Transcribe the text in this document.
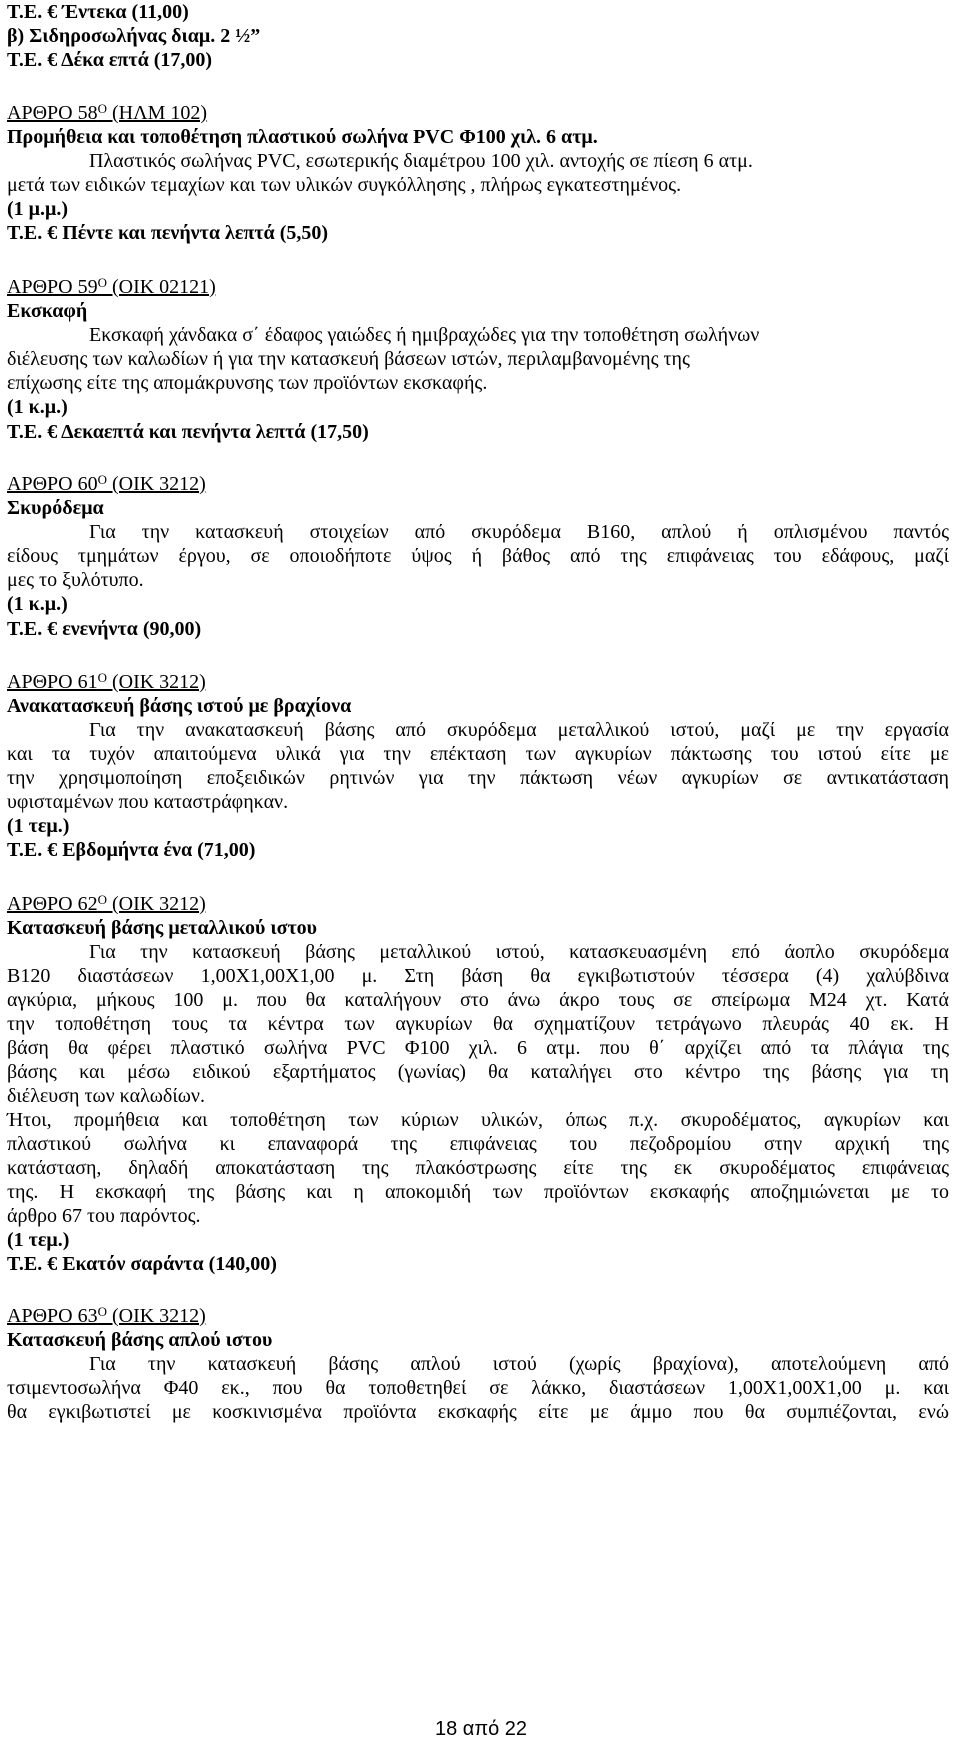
Τ.Ε. € Έντεκα (11,00)
β) Σιδηροσωλήνας διαμ. 2 ½”
Τ.Ε. € Δέκα επτά (17,00)
ΑΡΘΡΟ $58^O$ (ΗΛΜ 102)
Προμήθεια και τοποθέτηση πλαστικού σωλήνα PVC Φ100 χιλ. 6 ατμ.
Πλαστικός σωλήνας PVC, εσωτερικής διαμέτρου 100 χιλ. αντοχής σε πίεση 6 ατμ.
μετά των ειδικών τεμαχίων και των υλικών συγκόλλησης , πλήρως εγκατεστημένος.
(1 μ.μ.)
Τ.Ε. € Πέντε και πενήντα λεπτά (5,50)
ΑΡΘΡΟ $59^O$ (ΟΙΚ 02121)
Εκσκαφή
Εκσκαφή χάνδακα σ΄ έδαφος γαιώδες ή ημιβραχώδες για την τοποθέτηση σωλήνων
διέλευσης των καλωδίων ή για την κατασκευή βάσεων ιστών, περιλαμβανομένης της
επίχωσης είτε της απομάκρυνσης των προϊόντων εκσκαφής.
(1 κ.μ.)
Τ.Ε. € Δεκαεπτά και πενήντα λεπτά (17,50)
ΑΡΘΡΟ $60^O$ (ΟΙΚ 3212)
Σκυρόδεμα
Για την κατασκευή στοιχείων από σκυρόδεμα Β160, απλού ή οπλισμένου παντός
είδους τμημάτων έργου, σε οποιοδήποτε ύψος ή βάθος από της επιφάνειας του εδάφους, μαζί
μες το ξυλότυπο.
(1 κ.μ.)
Τ.Ε. € ενενήντα (90,00)
ΑΡΘΡΟ $61^O$ (ΟΙΚ 3212)
Ανακατασκευή βάσης ιστού με βραχίονα
Για την ανακατασκευή βάσης από σκυρόδεμα μεταλλικού ιστού, μαζί με την εργασία
και τα τυχόν απαιτούμενα υλικά για την επέκταση των αγκυρίων πάκτωσης του ιστού είτε με
την χρησιμοποίηση εποξειδικών ρητινών για την πάκτωση νέων αγκυρίων σε αντικατάσταση
υφισταμένων που καταστράφηκαν.
(1 τεμ.)
Τ.Ε. € Εβδομήντα ένα (71,00)
ΑΡΘΡΟ $62^O$ (ΟΙΚ 3212)
Κατασκευή βάσης μεταλλικού ιστου
Για την κατασκευή βάσης μεταλλικού ιστού, κατασκευασμένη επό άοπλο σκυρόδεμα
Β120 διαστάσεων 1,00Χ1,00Χ1,00 μ. Στη βάση θα εγκιβωτιστούν τέσσερα (4) χαλύβδινα
αγκύρια, μήκους 100 μ. που θα καταλήγουν στο άνω άκρο τους σε σπείρωμα Μ24 χτ. Κατά
την τοποθέτηση τους τα κέντρα των αγκυρίων θα σχηματίζουν τετράγωνο πλευράς 40 εκ. Η
βάση θα φέρει πλαστικό σωλήνα PVC Φ100 χιλ. 6 ατμ. που θ΄ αρχίζει από τα πλάγια της
βάσης και μέσω ειδικού εξαρτήματος (γωνίας) θα καταλήγει στο κέντρο της βάσης για τη
διέλευση των καλωδίων.
Ήτοι, προμήθεια και τοποθέτηση των κύριων υλικών, όπως π.χ. σκυροδέματος, αγκυρίων και
πλαστικού σωλήνα κι επαναφορά της επιφάνειας του πεζοδρομίου στην αρχική της
κατάσταση, δηλαδή αποκατάσταση της πλακόστρωσης είτε της εκ σκυροδέματος επιφάνειας
της. Η εκσκαφή της βάσης και η αποκομιδή των προϊόντων εκσκαφής αποζημιώνεται με το
άρθρο 67 του παρόντος.
(1 τεμ.)
Τ.Ε. € Εκατόν σαράντα (140,00)
ΑΡΘΡΟ $63^O$ (ΟΙΚ 3212)
Κατασκευή βάσης απλού ιστου
Για την κατασκευή βάσης απλού ιστού (χωρίς βραχίονα), αποτελούμενη από
τσιμεντοσωλήνα Φ40 εκ., που θα τοποθετηθεί σε λάκκο, διαστάσεων 1,00Χ1,00Χ1,00 μ. και
θα εγκιβωτιστεί με κοσκινισμένα προϊόντα εκσκαφής είτε με άμμο που θα συμπιέζονται, ενώ
18 από 22
